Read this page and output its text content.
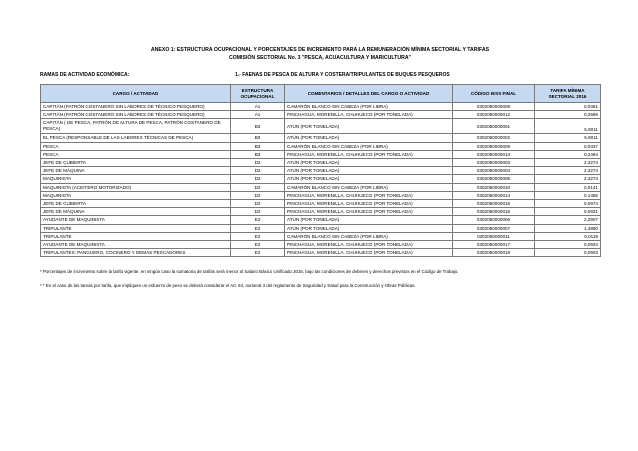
ANEXO 1: ESTRUCTURA OCUPACIONAL Y PORCENTAJES DE INCREMENTO PARA LA REMUNERACIÓN MÍNIMA SECTORIAL Y TARIFAS
COMISIÓN SECTORIAL No. 3 "PESCA, ACUACULTURA Y MARICULTURA"
RAMAS DE ACTIVIDAD ECONÓMICA:	1.- FAENAS DE PESCA DE ALTURA Y COSTERA/TRIPULANTES DE BUQUES PESQUEROS
CARGO / ACTIVIDAD	ESTRUCTURA OCUPACIONAL	COMENTARIOS / DETALLES DEL CARGO O ACTIVIDAD	CÓDIGO IESS FINAL	TARIFA MÍNIMA SECTORIAL 2016
CAPITÁN (PATRÓN COSTANERO SIN LABORES DE TÉCNICO PESQUERO)	A1	CAMARÓN BLANCO SIN CABEZA (POR LIBRA)	0302050000008	0,0351
CAPITÁN (PATRÓN COSTANERO SIN LABORES DE TÉCNICO PESQUERO)	A1	PINCHAGUA, MORENILLA, CHUHUECO (POR TONELADA)	0302050000012	0,2589
CAPITÁN ( DE PESCA, PATRÓN DE ALTURA DE PESCA, PATRÓN COSTANERO DE PESCA)	B3	ATÚN (POR TONELADA)	0302050000001	5,6011
EL PESCA (RESPONSABLE DE LAS LABORES TÉCNICAS DE PESCA)	B3	ATÚN (POR TONELADA)	0302050000002	5,6011
PESCA	B3	CAMARÓN BLANCO SIN CABEZA (POR LIBRA)	0302050000009	0,0337
PESCA	B3	PINCHAGUA, MORENILLA, CHUHUECO (POR TONELADA)	0302050000013	0,2494
JEFE DE CUBIERTA	D2	ATÚN (POR TONELADA)	0302050000003	2,3274
JEFE DE MÁQUINA	D2	ATÚN (POR TONELADA)	0302050000004	2,3274
MAQUINISTA	D2	ATÚN (POR TONELADA)	0302050000005	2,3274
MAQUINISTA (ACEITERO MOTORIZADO)	D2	CAMARÓN BLANCO SIN CABEZA (POR LIBRA)	0302050000010	0,0141
MAQUINISTA	D2	PINCHAGUA, MORENILLA, CHUHUECO (POR TONELADA)	0302050000014	0,1456
JEFE DE CUBIERTA	D2	PINCHAGUA, MORENILLA, CHUHUECO (POR TONELADA)	0302050000015	0,0974
JEFE DE MÁQUINA	D2	PINCHAGUA, MORENILLA, CHUHUECO (POR TONELADA)	0302050000016	0,0931
AYUDANTE DE MAQUINISTA	E2	ATÚN (POR TONELADA)	0302050000006	2,2907
TRIPULANTE	E2	ATÚN (POR TONELADA)	0302050000007	1,4890
TRIPULANTE	E2	CAMARÓN BLANCO SIN CABEZA (POR LIBRA)	0302050000011	0,0119
AYUDANTE DE MAQUINISTA	E2	PINCHAGUA, MORENILLA, CHUHUECO (POR TONELADA)	0302050000017	0,0934
TRIPULANTES: PANGUERO, COCINERO Y DEMÁS PESCADORES	E2	PINCHAGUA, MORENILLA, CHUHUECO (POR TONELADA)	0302050000018	0,0903
* Porcentajes de incremento sobre la tarifa vigente; en ningún caso la sumatoria de tarifas será menor al Salario Básico Unificado 2016, bajo las condiciones de deberes y derechos previstos en el Código de Trabajo.
* * En el caso de las tareas por tarifa, que impliquen un esfuerzo de peso se deberá considerar el Art. 64, numeral 3 del reglamento de Seguridad y Salud para la Construcción y Obras Públicas.
